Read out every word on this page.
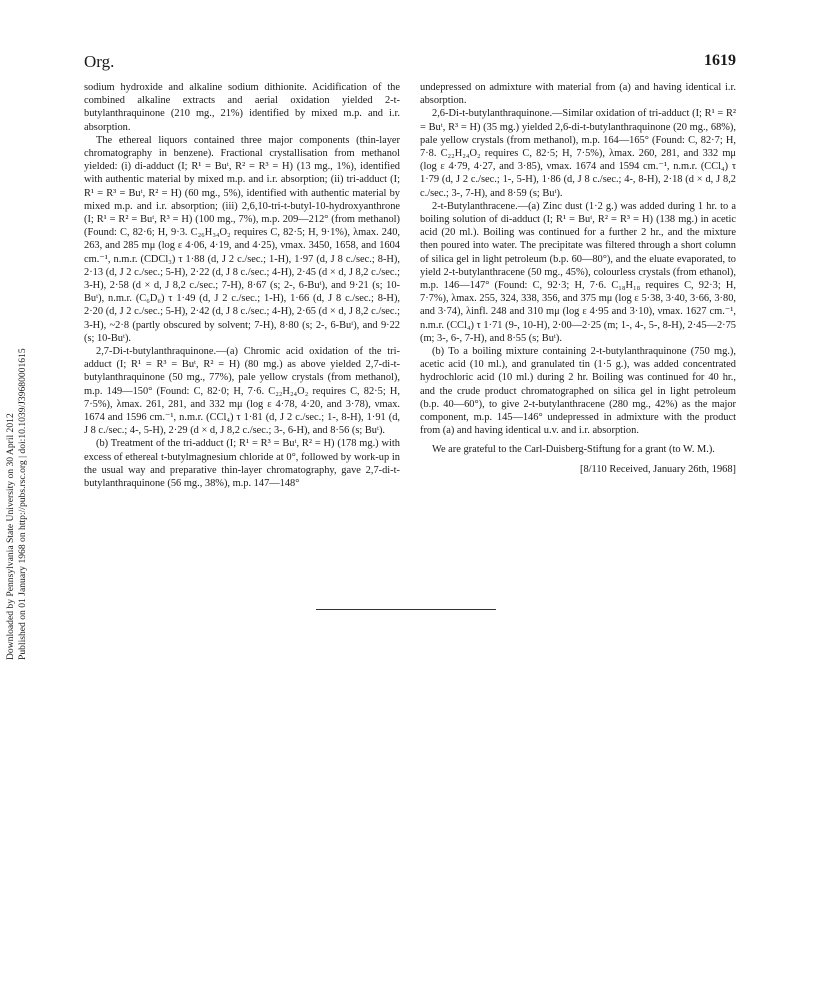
Downloaded by Pennsylvania State University on 30 April 2012 Published on 01 January 1968 on http://pubs.rsc.org | doi:10.1039/J39680001615
Org.	1619

sodium hydroxide and alkaline sodium dithionite. Acidification of the combined alkaline extracts and aerial oxidation yielded 2-t-butylanthraquinone (210 mg., 21%) identified by mixed m.p. and i.r. absorption.

The ethereal liquors contained three major components (thin-layer chromatography in benzene). Fractional crystallisation from methanol yielded: (i) di-adduct (I; R¹ = Buᵗ, R² = R³ = H) (13 mg., 1%), identified with authentic material by mixed m.p. and i.r. absorption; (ii) tri-adduct (I; R¹ = R³ = Buᵗ, R² = H) (60 mg., 5%), identified with authentic material by mixed m.p. and i.r. absorption; (iii) 2,6,10-tri-t-butyl-10-hydroxyanthrone (I; R¹ = R² = Buᵗ, R³ = H) (100 mg., 7%), m.p. 209—212° (from methanol) (Found: C, 82·6; H, 9·3. C₂₆H₃₄O₂ requires C, 82·5; H, 9·1%), λmax. 240, 263, and 285 mμ (log ε 4·06, 4·19, and 4·25), νmax. 3450, 1658, and 1604 cm.⁻¹, n.m.r. (CDCl₃) τ 1·88 (d, J 2 c./sec.; 1-H), 1·97 (d, J 8 c./sec.; 8-H), 2·13 (d, J 2 c./sec.; 5-H), 2·22 (d, J 8 c./sec.; 4-H), 2·45 (d × d, J 8,2 c./sec.; 3-H), 2·58 (d × d, J 8,2 c./sec.; 7-H), 8·67 (s; 2-, 6-Buᵗ), and 9·21 (s; 10-Buᵗ), n.m.r. (C₆D₆) τ 1·49 (d, J 2 c./sec.; 1-H), 1·66 (d, J 8 c./sec.; 8-H), 2·20 (d, J 2 c./sec.; 5-H), 2·42 (d, J 8 c./sec.; 4-H), 2·65 (d × d, J 8,2 c./sec.; 3-H), ~2·8 (partly obscured by solvent; 7-H), 8·80 (s; 2-, 6-Buᵗ), and 9·22 (s; 10-Buᵗ).

2,7-Di-t-butylanthraquinone.—(a) Chromic acid oxidation of the tri-adduct (I; R¹ = R³ = Buᵗ, R² = H) (80 mg.) as above yielded 2,7-di-t-butylanthraquinone (50 mg., 77%), pale yellow crystals (from methanol), m.p. 149—150° (Found: C, 82·0; H, 7·6. C₂₂H₂₄O₂ requires C, 82·5; H, 7·5%), λmax. 261, 281, and 332 mμ (log ε 4·78, 4·20, and 3·78), νmax. 1674 and 1596 cm.⁻¹, n.m.r. (CCl₄) τ 1·81 (d, J 2 c./sec.; 1-, 8-H), 1·91 (d, J 8 c./sec.; 4-, 5-H), 2·29 (d × d, J 8,2 c./sec.; 3-, 6-H), and 8·56 (s; Buᵗ).

(b) Treatment of the tri-adduct (I; R¹ = R³ = Buᵗ, R² = H) (178 mg.) with excess of ethereal t-butylmagnesium chloride at 0°, followed by work-up in the usual way and preparative thin-layer chromatography, gave 2,7-di-t-butylanthraquinone (56 mg., 38%), m.p. 147—148°

undepressed on admixture with material from (a) and having identical i.r. absorption.

2,6-Di-t-butylanthraquinone.—Similar oxidation of tri-adduct (I; R¹ = R² = Buᵗ, R³ = H) (35 mg.) yielded 2,6-di-t-butylanthraquinone (20 mg., 68%), pale yellow crystals (from methanol), m.p. 164—165° (Found: C, 82·7; H, 7·8. C₂₂H₂₄O₂ requires C, 82·5; H, 7·5%), λmax. 260, 281, and 332 mμ (log ε 4·79, 4·27, and 3·85), νmax. 1674 and 1594 cm.⁻¹, n.m.r. (CCl₄) τ 1·79 (d, J 2 c./sec.; 1-, 5-H), 1·86 (d, J 8 c./sec.; 4-, 8-H), 2·18 (d × d, J 8,2 c./sec.; 3-, 7-H), and 8·59 (s; Buᵗ).

2-t-Butylanthracene.—(a) Zinc dust (1·2 g.) was added during 1 hr. to a boiling solution of di-adduct (I; R¹ = Buᵗ, R² = R³ = H) (138 mg.) in acetic acid (20 ml.). Boiling was continued for a further 2 hr., and the mixture then poured into water. The precipitate was filtered through a short column of silica gel in light petroleum (b.p. 60—80°), and the eluate evaporated, to yield 2-t-butylanthracene (50 mg., 45%), colourless crystals (from ethanol), m.p. 146—147° (Found: C, 92·3; H, 7·6. C₁₈H₁₈ requires C, 92·3; H, 7·7%), λmax. 255, 324, 338, 356, and 375 mμ (log ε 5·38, 3·40, 3·66, 3·80, and 3·74), λinfl. 248 and 310 mμ (log ε 4·95 and 3·10), νmax. 1627 cm.⁻¹, n.m.r. (CCl₄) τ 1·71 (9-, 10-H), 2·00—2·25 (m; 1-, 4-, 5-, 8-H), 2·45—2·75 (m; 3-, 6-, 7-H), and 8·55 (s; Buᵗ).

(b) To a boiling mixture containing 2-t-butylanthraquinone (750 mg.), acetic acid (10 ml.), and granulated tin (1·5 g.), was added concentrated hydrochloric acid (10 ml.) during 2 hr. Boiling was continued for 40 hr., and the crude product chromatographed on silica gel in light petroleum (b.p. 40—60°), to give 2-t-butylanthracene (280 mg., 42%) as the major component, m.p. 145—146° undepressed in admixture with the product from (a) and having identical u.v. and i.r. absorption.

We are grateful to the Carl-Duisberg-Stiftung for a grant (to W. M.).

[8/110 Received, January 26th, 1968]
